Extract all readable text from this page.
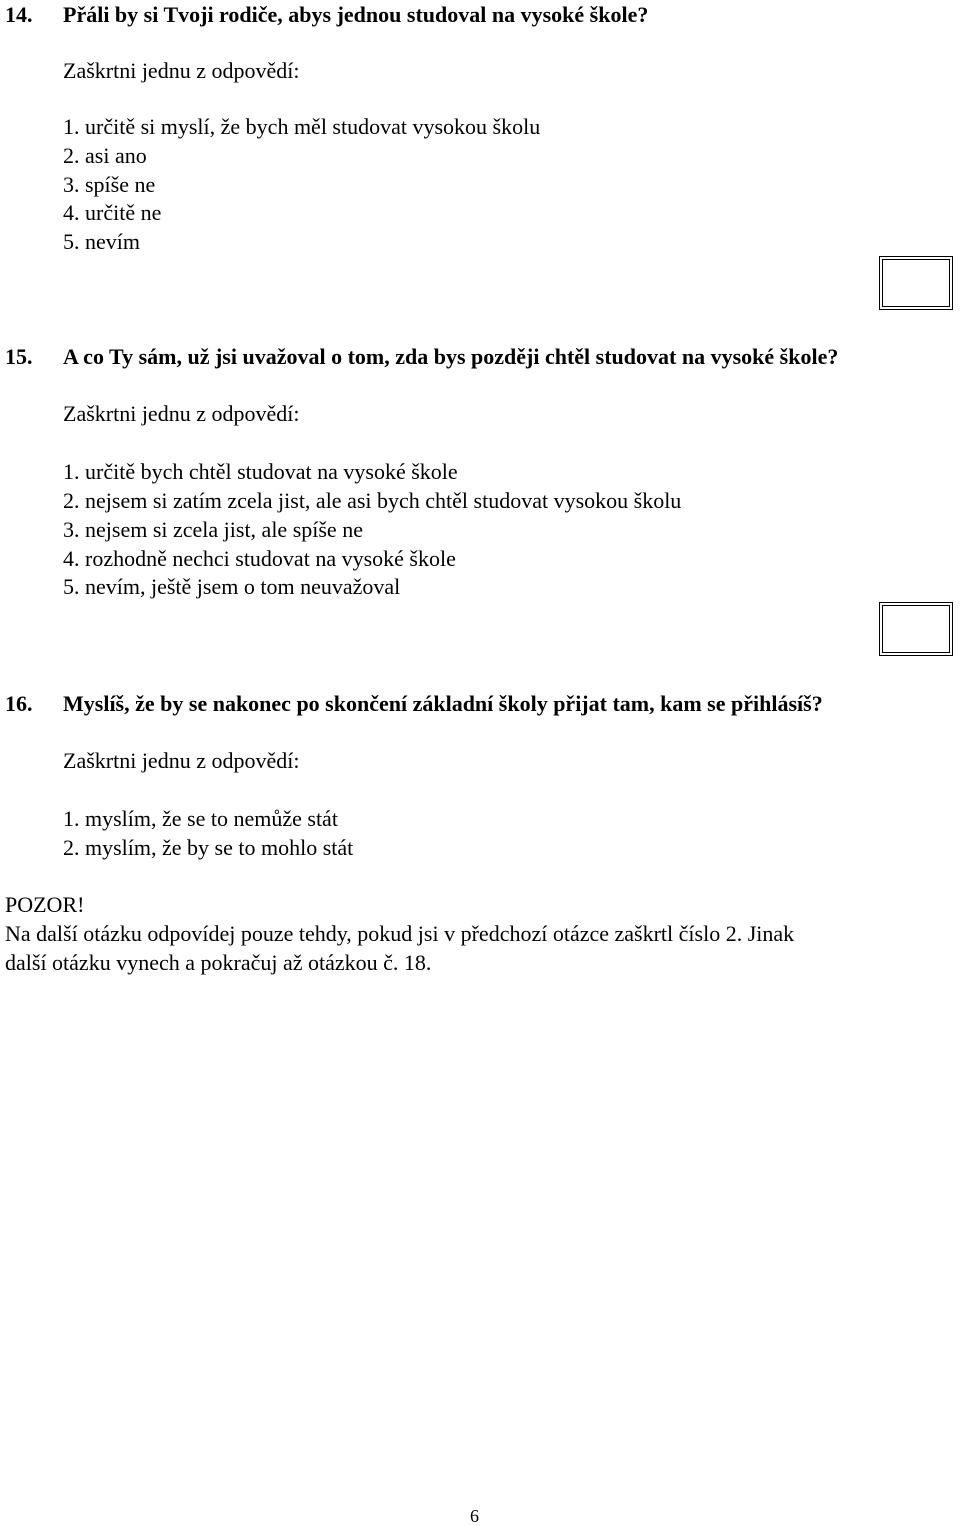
14. Přáli by si Tvoji rodiče, abys jednou studoval na vysoké škole?
Zaškrtni jednu z odpovědí:
1. určitě si myslí, že bych měl studovat vysokou školu
2. asi ano
3. spíše ne
4. určitě ne
5. nevím
15. A co Ty sám, už jsi uvažoval o tom, zda bys později chtěl studovat na vysoké škole?
Zaškrtni jednu z odpovědí:
1. určitě bych chtěl studovat na vysoké škole
2. nejsem si zatím zcela jist, ale asi bych chtěl studovat vysokou školu
3. nejsem si zcela jist, ale spíše ne
4. rozhodně nechci studovat na vysoké škole
5. nevím, ještě jsem o tom neuvažoval
16. Myslíš, že by se nakonec po skončení základní školy přijat tam, kam se přihlásíš?
Zaškrtni jednu z odpovědí:
1. myslím, že se to nemůže stát
2. myslím, že by se to mohlo stát
POZOR!
Na další otázku odpovídej pouze tehdy, pokud jsi v předchozí otázce zaškrtl číslo 2. Jinak
další otázku vynech a pokračuj až otázkou č. 18.
6
